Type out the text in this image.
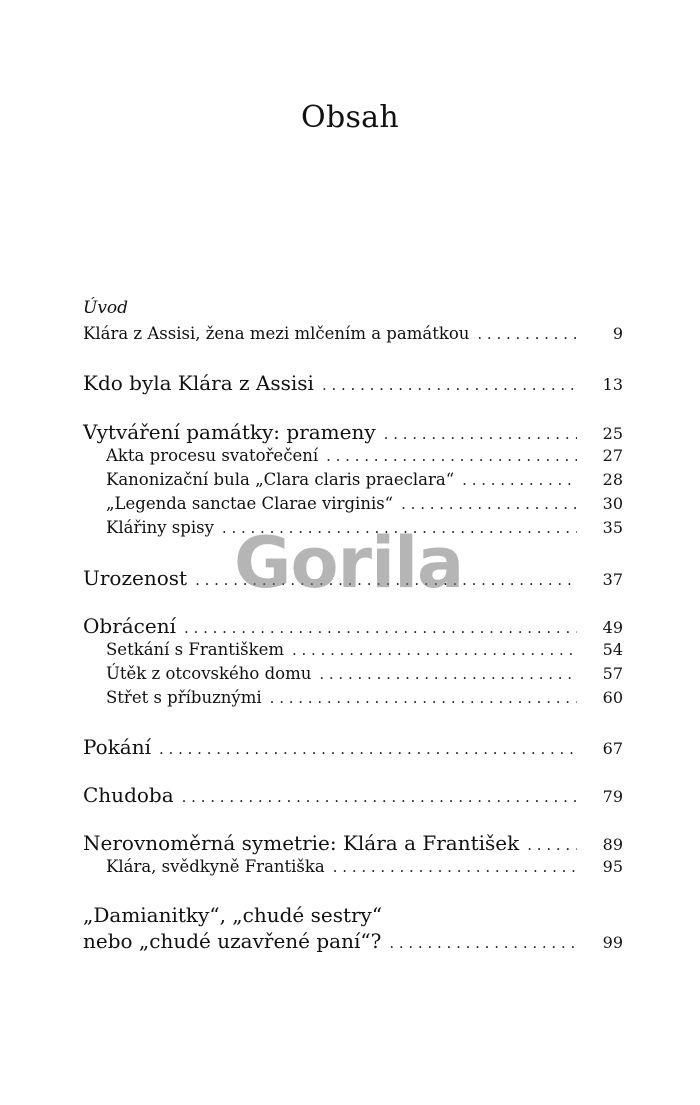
Obsah
Úvod
Klára z Assisi, žena mezi mlčením a památkou . . .	9
Kdo byla Klára z Assisi . . .	13
Vytváření památky: prameny . . .	25
Akta procesu svatořečení . . .	27
Kanonizační bula „Clara claris praeclara“ . . .	28
„Legenda sanctae Clarae virginis“ . . .	30
Klářiny spisy . . .	35
Urozenost . . .	37
Obrácení . . .	49
Setkání s Františkem . . .	54
Útěk z otcovského domu . . .	57
Střet s příbuznými . . .	60
Pokání . . .	67
Chudoba . . .	79
Nerovnoměrná symetrie: Klára a František . . .	89
Klára, svědkyně Františka . . .	95
„Damianitky“, „chudé sestry“
nebo „chudé uzavřené paní“? . . .	99
Gorila
